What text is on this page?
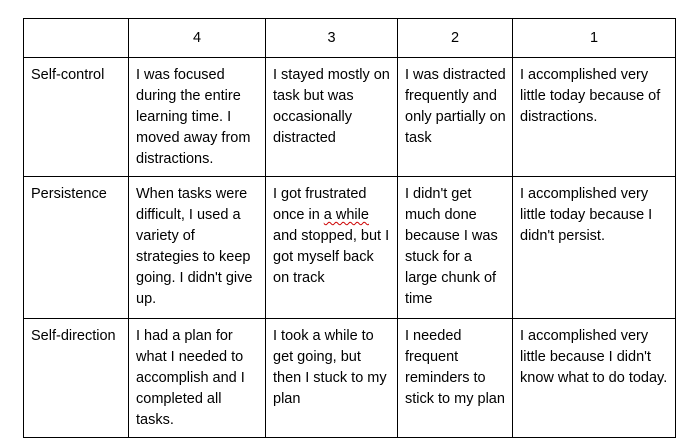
	4	3	2	1
Self-control	I was focused during the entire learning time. I moved away from distractions.	I stayed mostly on task but was occasionally distracted	I was distracted frequently and only partially on task	I accomplished very little today because of distractions.
Persistence	When tasks were difficult, I used a variety of strategies to keep going. I didn't give up.	I got frustrated once in a while and stopped, but I got myself back on track	I didn't get much done because I was stuck for a large chunk of time	I accomplished very little today because I didn't persist.
Self-direction	I had a plan for what I needed to accomplish and I completed all tasks.	I took a while to get going, but then I stuck to my plan	I needed frequent reminders to stick to my plan	I accomplished very little because I didn't know what to do today.
